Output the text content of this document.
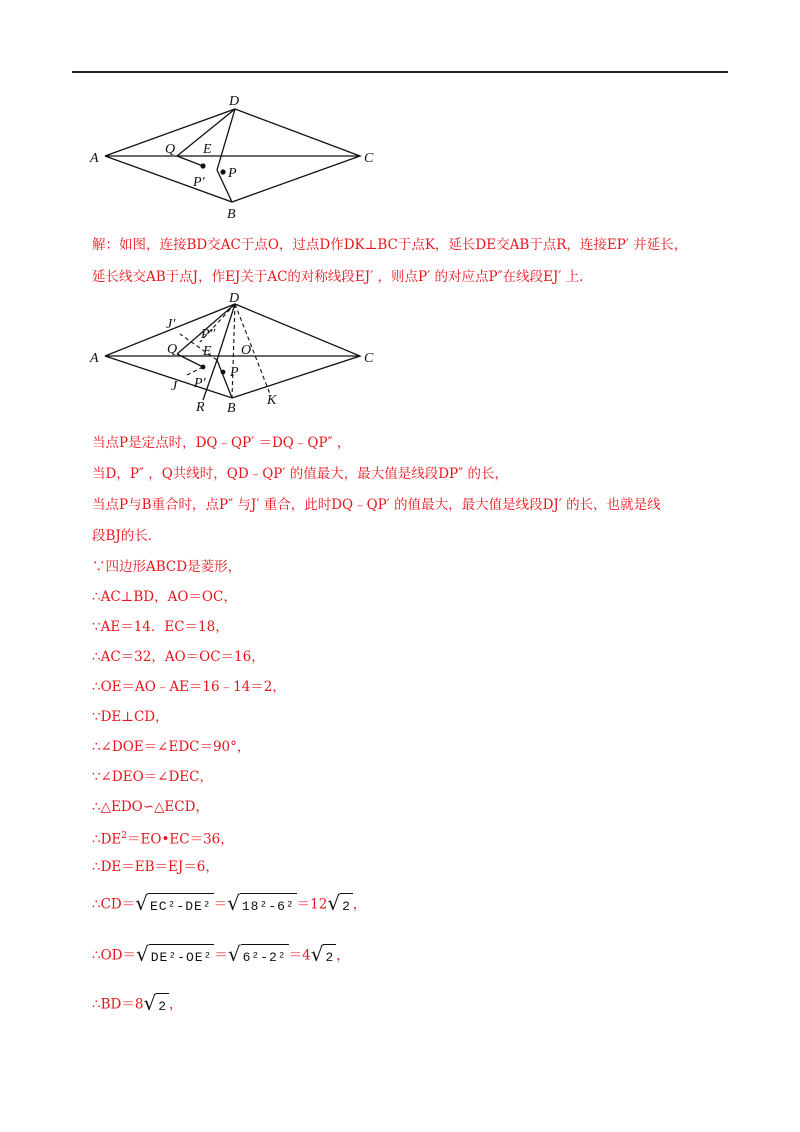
A
D
C
B
Q E
P
P′
解：如图，连接BD交AC于点O，过点D作DK⊥BC于点K，延长DE交AB于点R，连接EP′ 并延长，
延长线交AB于点J，作EJ关于AC的对称线段EJ′ ，则点P′ 的对应点P″在线段EJ′ 上．
A
D
C
B
Q E O
P
P′
P″
J′
J
R	K
当点P是定点时，DQ﹣QP′ ＝DQ﹣QP″ ，
当D，P″ ，Q共线时，QD﹣QP′ 的值最大，最大值是线段DP″ 的长，
当点P与B重合时，点P″ 与J′ 重合，此时DQ﹣QP′ 的值最大，最大值是线段DJ′ 的长，也就是线
段BJ的长．
∵四边形ABCD是菱形，
∴AC⊥BD，AO＝OC，
∵AE＝14．EC＝18，
∴AC＝32，AO＝OC＝16，
∴OE＝AO﹣AE＝16﹣14＝2，
∵DE⊥CD，
∴∠DOE＝∠EDC＝90°，
∵∠DEO＝∠DEC，
∴△EDO∽△ECD，
$\therefore DE^2=EO•EC=36$，
∴DE＝EB＝EJ＝6，
∴CD＝√ EC²-DE² ＝√ 18²-6² ＝12√ 2 ，
∴OD＝√ DE²-OE² ＝√ 6²-2² ＝4√ 2 ，
∴BD＝8√ 2 ，
